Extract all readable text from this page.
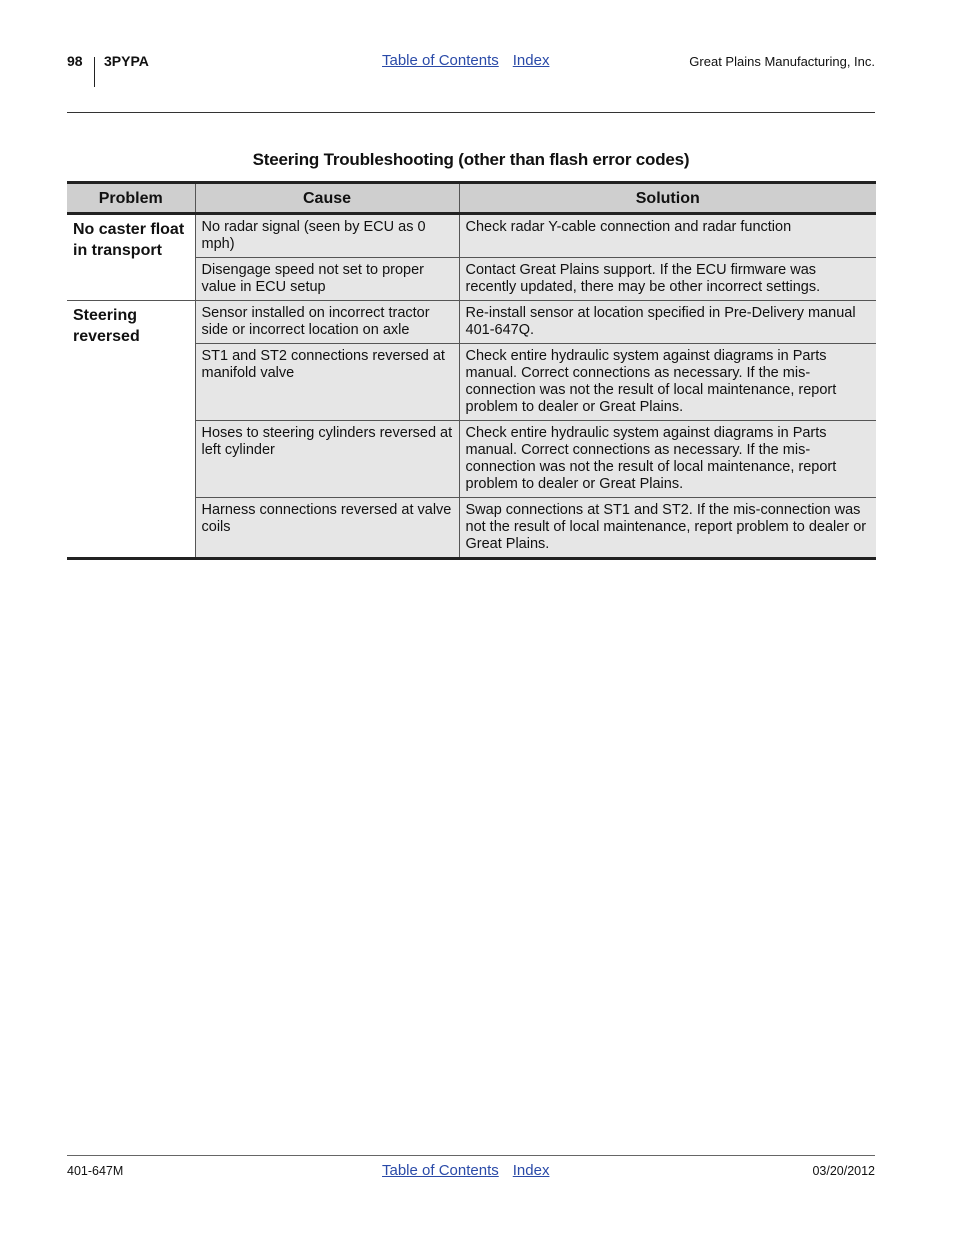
98 3PYPA	Table of Contents Index	Great Plains Manufacturing, Inc.
Steering Troubleshooting (other than flash error codes)
Problem	Cause	Solution
No caster float in transport	No radar signal (seen by ECU as 0 mph)	Check radar Y-cable connection and radar function
	Disengage speed not set to proper value in ECU setup	Contact Great Plains support. If the ECU firmware was recently updated, there may be other incorrect settings.
Steering reversed	Sensor installed on incorrect tractor side or incorrect location on axle	Re-install sensor at location specified in Pre-Delivery manual 401-647Q.
	ST1 and ST2 connections reversed at manifold valve	Check entire hydraulic system against diagrams in Parts manual. Correct connections as necessary. If the mis-connection was not the result of local maintenance, report problem to dealer or Great Plains.
	Hoses to steering cylinders reversed at left cylinder	Check entire hydraulic system against diagrams in Parts manual. Correct connections as necessary. If the mis-connection was not the result of local maintenance, report problem to dealer or Great Plains.
	Harness connections reversed at valve coils	Swap connections at ST1 and ST2. If the mis-connection was not the result of local maintenance, report problem to dealer or Great Plains.
401-647M	Table of Contents Index	03/20/2012
